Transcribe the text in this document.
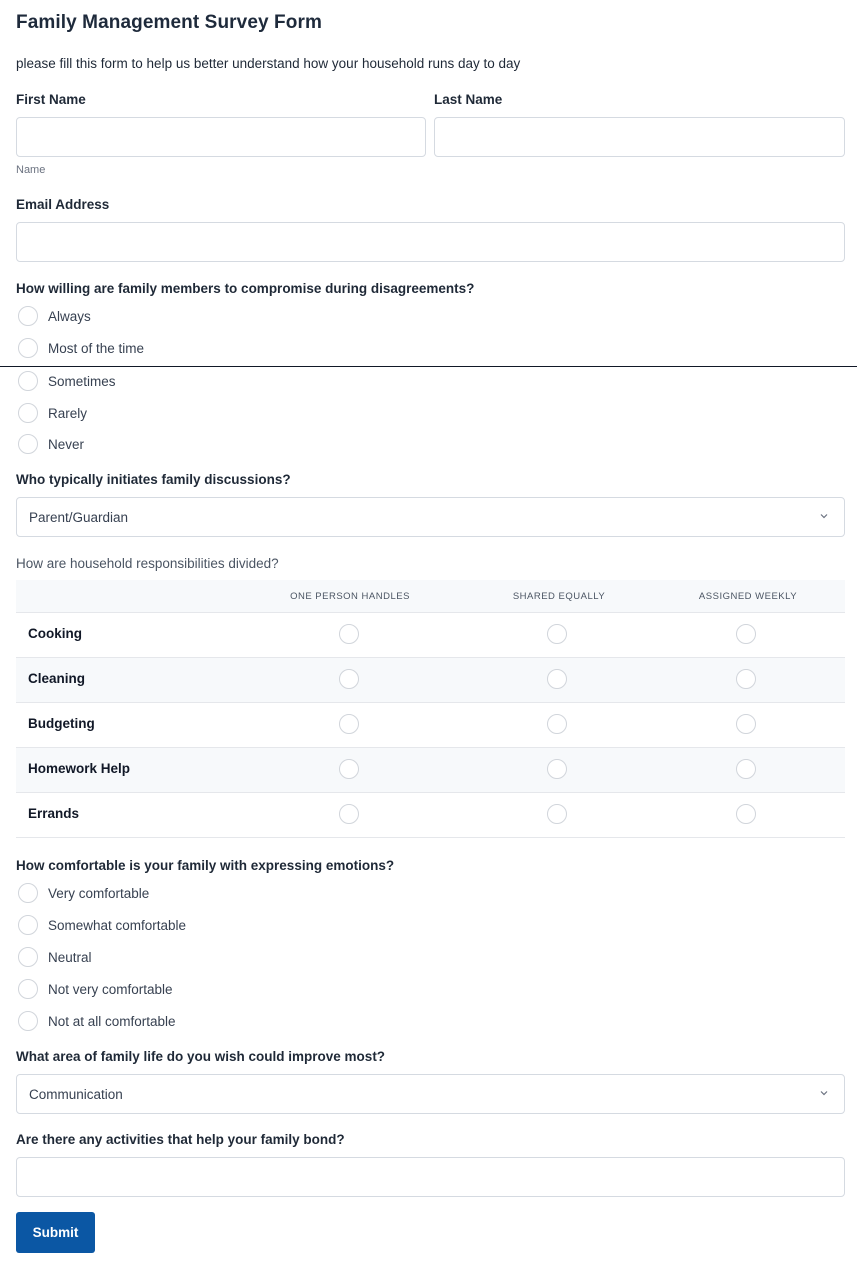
Family Management Survey Form
please fill this form to help us better understand how your household runs day to day
First Name	Last Name
Name
Email Address
How willing are family members to compromise during disagreements?
Always
Most of the time
Sometimes
Rarely
Never
Who typically initiates family discussions?
Parent/Guardian
How are household responsibilities divided?
ONE PERSON HANDLES	SHARED EQUALLY	ASSIGNED WEEKLY
Cooking
Cleaning
Budgeting
Homework Help
Errands
How comfortable is your family with expressing emotions?
Very comfortable
Somewhat comfortable
Neutral
Not very comfortable
Not at all comfortable
What area of family life do you wish could improve most?
Communication
Are there any activities that help your family bond?
Submit
